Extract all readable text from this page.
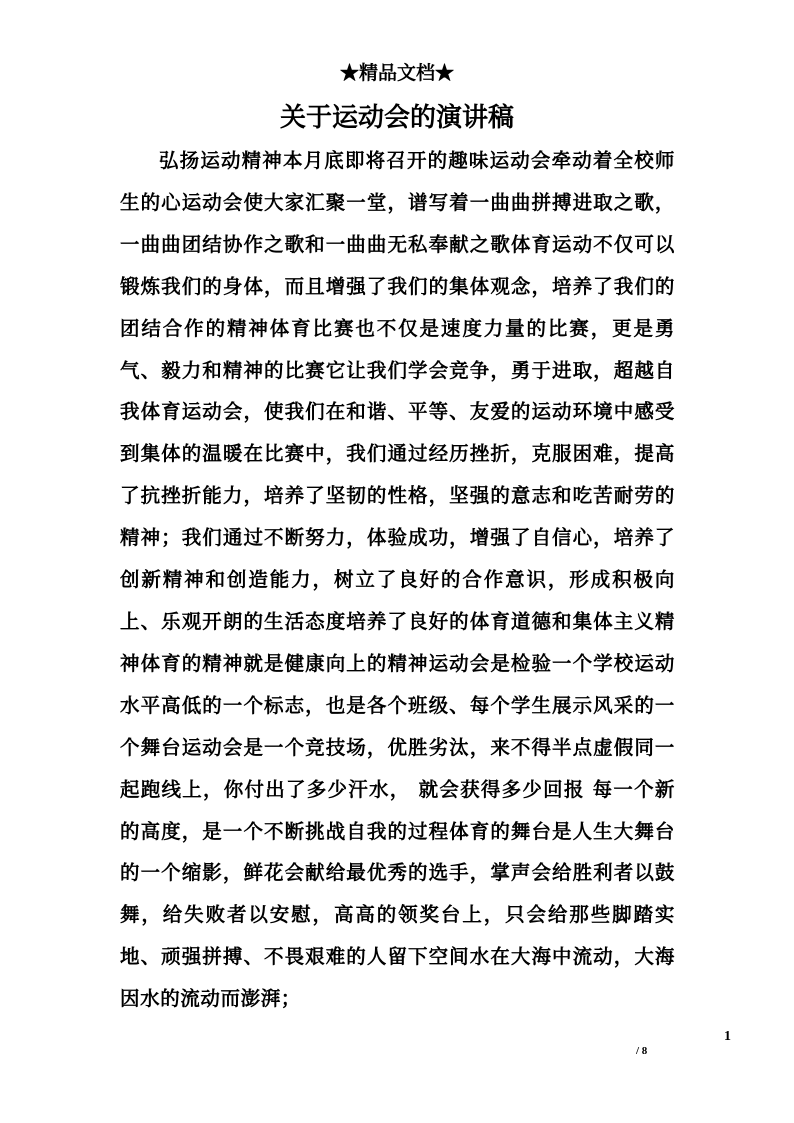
★精品文档★
关于运动会的演讲稿

弘扬运动精神本月底即将召开的趣味运动会牵动着全校师生的心运动会使大家汇聚一堂，谱写着一曲曲拼搏进取之歌，一曲曲团结协作之歌和一曲曲无私奉献之歌体育运动不仅可以锻炼我们的身体，而且增强了我们的集体观念，培养了我们的团结合作的精神体育比赛也不仅是速度力量的比赛，更是勇气、毅力和精神的比赛它让我们学会竞争，勇于进取，超越自我体育运动会，使我们在和谐、平等、友爱的运动环境中感受到集体的温暖在比赛中，我们通过经历挫折，克服困难，提高了抗挫折能力，培养了坚韧的性格，坚强的意志和吃苦耐劳的精神；我们通过不断努力，体验成功，增强了自信心，培养了创新精神和创造能力，树立了良好的合作意识，形成积极向上、乐观开朗的生活态度培养了良好的体育道德和集体主义精神体育的精神就是健康向上的精神运动会是检验一个学校运动水平高低的一个标志，也是各个班级、每个学生展示风采的一个舞台运动会是一个竞技场，优胜劣汰，来不得半点虚假同一起跑线上，你付出了多少汗水， 就会获得多少回报 每一个新的高度，是一个不断挑战自我的过程体育的舞台是人生大舞台的一个缩影，鲜花会献给最优秀的选手，掌声会给胜利者以鼓舞，给失败者以安慰，高高的领奖台上，只会给那些脚踏实地、顽强拼搏、不畏艰难的人留下空间水在大海中流动，大海因水的流动而澎湃；

1
/ 8
